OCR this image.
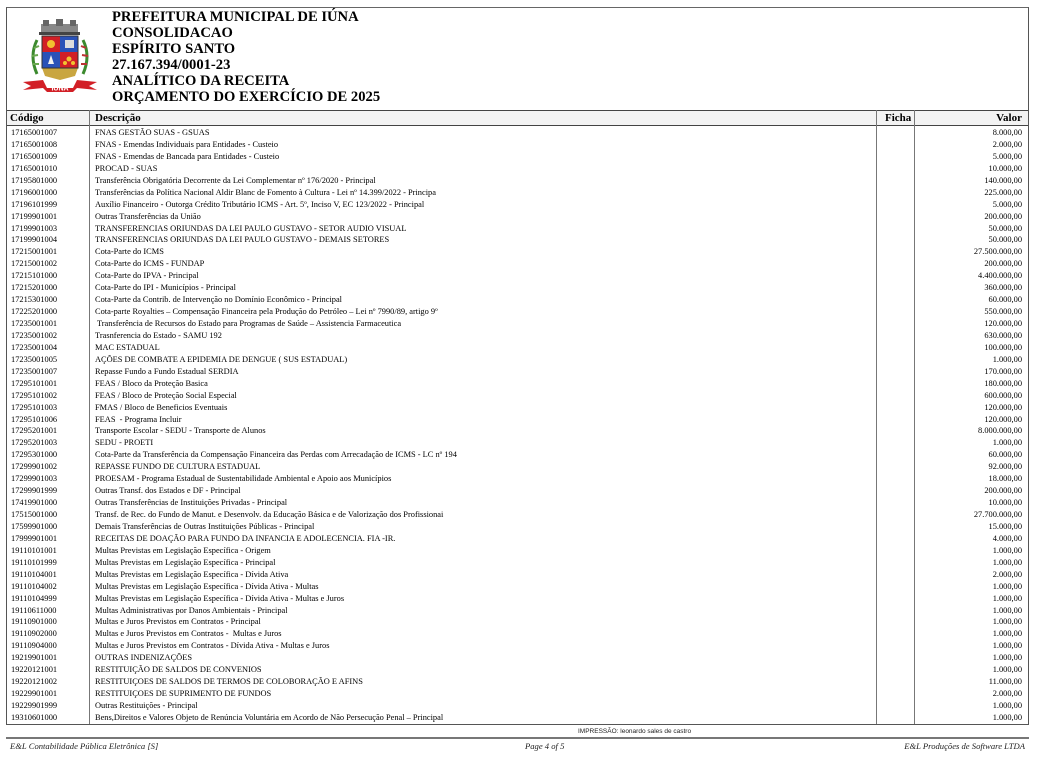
IUNA
PREFEITURA MUNICIPAL DE IÚNA
CONSOLIDACAO
ESPÍRITO SANTO
27.167.394/0001-23
ANALÍTICO DA RECEITA
ORÇAMENTO DO EXERCÍCIO DE 2025
Código	Descrição	Ficha	Valor
17165001007	FNAS GESTÃO SUAS - GSUAS	8.000,00
17165001008	FNAS - Emendas Individuais para Entidades - Custeio	2.000,00
17165001009	FNAS - Emendas de Bancada para Entidades - Custeio	5.000,00
17165001010	PROCAD - SUAS	10.000,00
17195801000	Transferência Obrigatória Decorrente da Lei Complementar nº 176/2020 - Principal	140.000,00
17196001000	Transferências da Política Nacional Aldir Blanc de Fomento à Cultura - Lei nº 14.399/2022 - Principa	225.000,00
17196101999	Auxílio Financeiro - Outorga Crédito Tributário ICMS - Art. 5º, Inciso V, EC 123/2022 - Principal	5.000,00
17199901001	Outras Transferências da União	200.000,00
17199901003	TRANSFERENCIAS ORIUNDAS DA LEI PAULO GUSTAVO - SETOR AUDIO VISUAL	50.000,00
17199901004	TRANSFERENCIAS ORIUNDAS DA LEI PAULO GUSTAVO - DEMAIS SETORES	50.000,00
17215001001	Cota-Parte do ICMS	27.500.000,00
17215001002	Cota-Parte do ICMS - FUNDAP	200.000,00
17215101000	Cota-Parte do IPVA - Principal	4.400.000,00
17215201000	Cota-Parte do IPI - Municípios - Principal	360.000,00
17215301000	Cota-Parte da Contrib. de Intervenção no Domínio Econômico - Principal	60.000,00
17225201000	Cota-parte Royalties – Compensação Financeira pela Produção do Petróleo – Lei nº 7990/89, artigo 9º	550.000,00
17235001001	Transferência de Recursos do Estado para Programas de Saúde – Assistencia Farmaceutica	120.000,00
17235001002	Trasnferencia do Estado - SAMU 192	630.000,00
17235001004	MAC ESTADUAL	100.000,00
17235001005	AÇÕES DE COMBATE A EPIDEMIA DE DENGUE ( SUS ESTADUAL)	1.000,00
17235001007	Repasse Fundo a Fundo Estadual SERDIA	170.000,00
17295101001	FEAS / Bloco da Proteção Basica	180.000,00
17295101002	FEAS / Bloco de Proteção Social Especial	600.000,00
17295101003	FMAS / Bloco de Beneficios Eventuais	120.000,00
17295101006	FEAS  - Programa Incluir	120.000,00
17295201001	Transporte Escolar - SEDU - Transporte de Alunos	8.000.000,00
17295201003	SEDU - PROETI	1.000,00
17295301000	Cota-Parte da Transferência da Compensação Financeira das Perdas com Arrecadação de ICMS - LC nº 194	60.000,00
17299901002	REPASSE FUNDO DE CULTURA ESTADUAL	92.000,00
17299901003	PROESAM - Programa Estadual de Sustentabilidade Ambiental e Apoio aos Municípios	18.000,00
17299901999	Outras Transf. dos Estados e DF - Principal	200.000,00
17419901000	Outras Transferências de Instituições Privadas - Principal	10.000,00
17515001000	Transf. de Rec. do Fundo de Manut. e Desenvolv. da Educação Básica e de Valorização dos Profissionai	27.700.000,00
17599901000	Demais Transferências de Outras Instituições Públicas - Principal	15.000,00
17999901001	RECEITAS DE DOAÇÃO PARA FUNDO DA INFANCIA E ADOLECENCIA. FIA -IR.	4.000,00
19110101001	Multas Previstas em Legislação Específica - Origem	1.000,00
19110101999	Multas Previstas em Legislação Específica - Principal	1.000,00
19110104001	Multas Previstas em Legislação Específica - Dívida Ativa	2.000,00
19110104002	Multas Previstas em Legislação Específica - Dívida Ativa - Multas	1.000,00
19110104999	Multas Previstas em Legislação Específica - Dívida Ativa - Multas e Juros	1.000,00
19110611000	Multas Administrativas por Danos Ambientais - Principal	1.000,00
19110901000	Multas e Juros Previstos em Contratos - Principal	1.000,00
19110902000	Multas e Juros Previstos em Contratos -  Multas e Juros	1.000,00
19110904000	Multas e Juros Previstos em Contratos - Dívida Ativa - Multas e Juros	1.000,00
19219901001	OUTRAS INDENIZAÇÕES	1.000,00
19220121001	RESTITUIÇÃO DE SALDOS DE CONVENIOS	1.000,00
19220121002	RESTITUIÇOES DE SALDOS DE TERMOS DE COLOBORAÇÃO E AFINS	11.000,00
19229901001	RESTITUIÇOES DE SUPRIMENTO DE FUNDOS	2.000,00
19229901999	Outras Restituições - Principal	1.000,00
19310601000	Bens,Direitos e Valores Objeto de Renúncia Voluntária em Acordo de Não Persecução Penal – Principal	1.000,00
IMPRESSÃO: leonardo sales de castro
E&L Contabilidade Pública Eletrônica [S]	Page 4 of 5	E&L Produções de Software LTDA
